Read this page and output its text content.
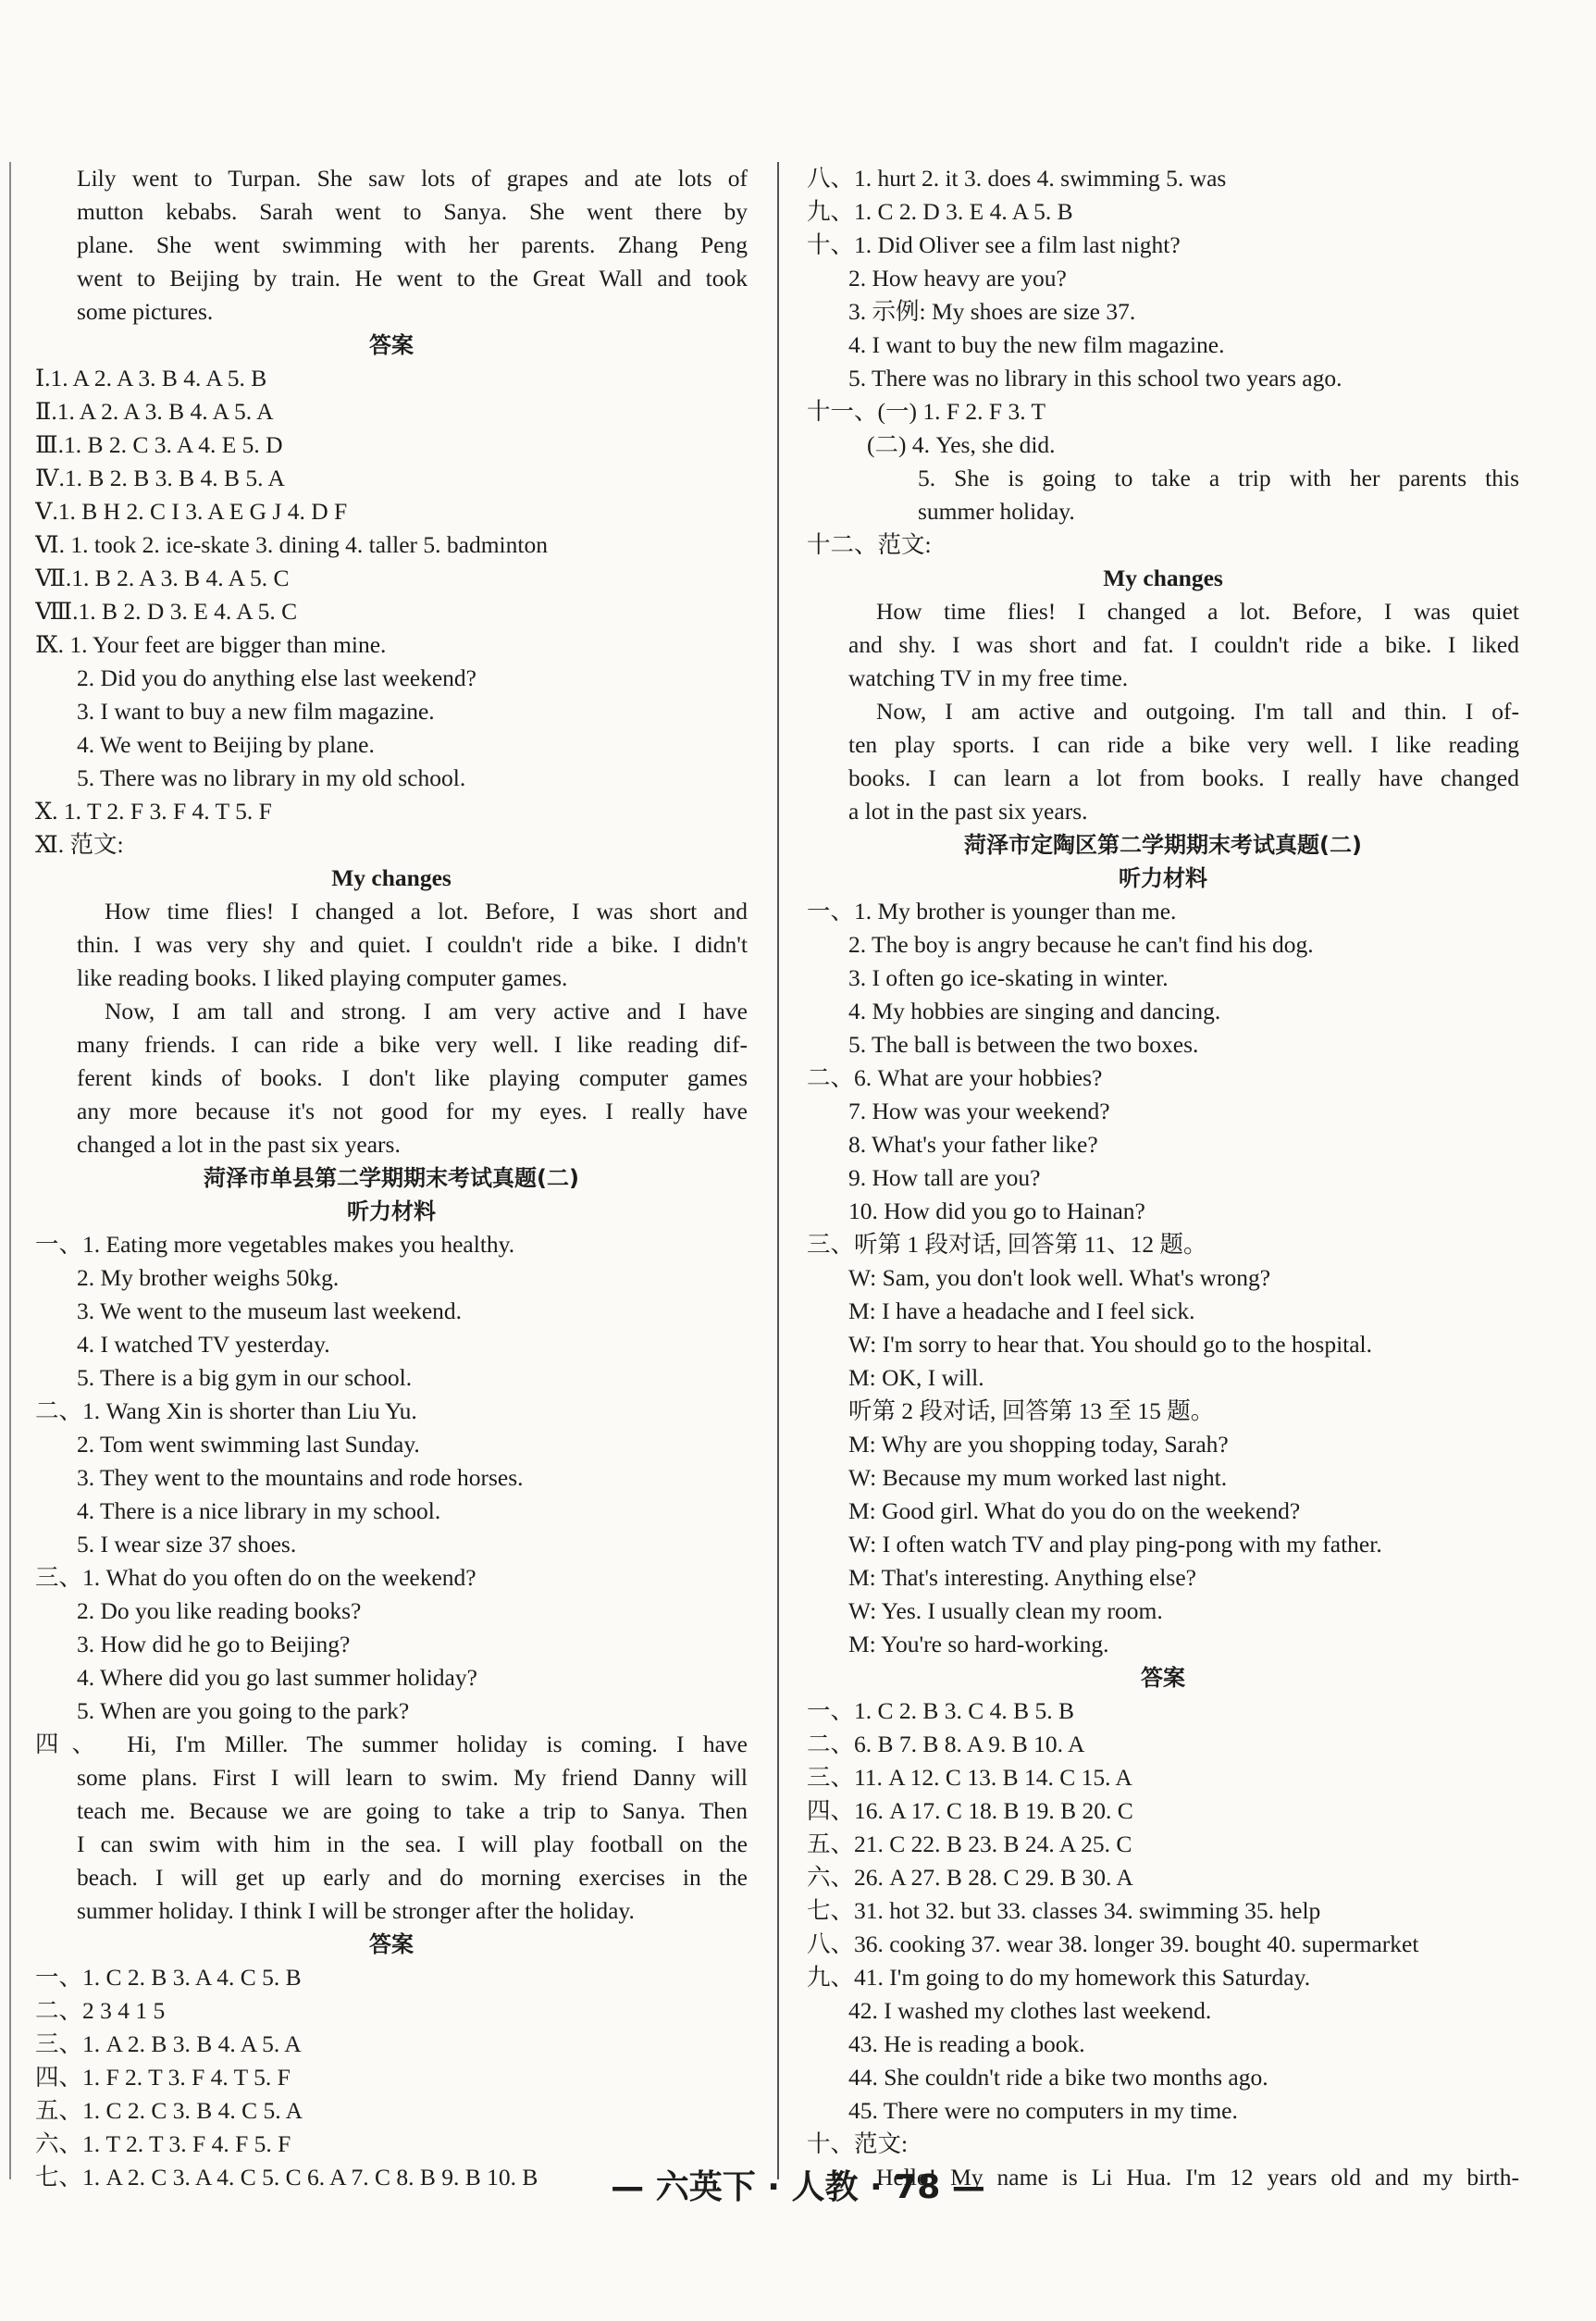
Lily went to Turpan. She saw lots of grapes and ate lots of
mutton kebabs. Sarah went to Sanya. She went there by
plane. She went swimming with her parents. Zhang Peng
went to Beijing by train. He went to the Great Wall and took
some pictures.
答案
Ⅰ.1. A 2. A 3. B 4. A 5. B
Ⅱ.1. A 2. A 3. B 4. A 5. A
Ⅲ.1. B 2. C 3. A 4. E 5. D
Ⅳ.1. B 2. B 3. B 4. B 5. A
Ⅴ.1. B H 2. C I 3. A E G J 4. D F
Ⅵ. 1. took 2. ice-skate 3. dining 4. taller 5. badminton
Ⅶ.1. B 2. A 3. B 4. A 5. C
Ⅷ.1. B 2. D 3. E 4. A 5. C
Ⅸ. 1. Your feet are bigger than mine.
2. Did you do anything else last weekend?
3. I want to buy a new film magazine.
4. We went to Beijing by plane.
5. There was no library in my old school.
Ⅹ. 1. T 2. F 3. F 4. T 5. F
Ⅺ. 范文:
My changes
How time flies! I changed a lot. Before, I was short and
thin. I was very shy and quiet. I couldn't ride a bike. I didn't
like reading books. I liked playing computer games.
Now, I am tall and strong. I am very active and I have
many friends. I can ride a bike very well. I like reading dif-
ferent kinds of books. I don't like playing computer games
any more because it's not good for my eyes. I really have
changed a lot in the past six years.
菏泽市单县第二学期期末考试真题(二)
听力材料
一、1. Eating more vegetables makes you healthy.
2. My brother weighs 50kg.
3. We went to the museum last weekend.
4. I watched TV yesterday.
5. There is a big gym in our school.
二、1. Wang Xin is shorter than Liu Yu.
2. Tom went swimming last Sunday.
3. They went to the mountains and rode horses.
4. There is a nice library in my school.
5. I wear size 37 shoes.
三、1. What do you often do on the weekend?
2. Do you like reading books?
3. How did he go to Beijing?
4. Where did you go last summer holiday?
5. When are you going to the park?
四、 Hi, I'm Miller. The summer holiday is coming. I have
some plans. First I will learn to swim. My friend Danny will
teach me. Because we are going to take a trip to Sanya. Then
I can swim with him in the sea. I will play football on the
beach. I will get up early and do morning exercises in the
summer holiday. I think I will be stronger after the holiday.
答案
一、1. C 2. B 3. A 4. C 5. B
二、2 3 4 1 5
三、1. A 2. B 3. B 4. A 5. A
四、1. F 2. T 3. F 4. T 5. F
五、1. C 2. C 3. B 4. C 5. A
六、1. T 2. T 3. F 4. F 5. F
七、1. A 2. C 3. A 4. C 5. C 6. A 7. C 8. B 9. B 10. B
八、1. hurt 2. it 3. does 4. swimming 5. was
九、1. C 2. D 3. E 4. A 5. B
十、1. Did Oliver see a film last night?
2. How heavy are you?
3. 示例: My shoes are size 37.
4. I want to buy the new film magazine.
5. There was no library in this school two years ago.
十一、(一) 1. F 2. F 3. T
(二) 4. Yes, she did.
5. She is going to take a trip with her parents this
summer holiday.
十二、范文:
My changes
How time flies! I changed a lot. Before, I was quiet
and shy. I was short and fat. I couldn't ride a bike. I liked
watching TV in my free time.
Now, I am active and outgoing. I'm tall and thin. I of-
ten play sports. I can ride a bike very well. I like reading
books. I can learn a lot from books. I really have changed
a lot in the past six years.
菏泽市定陶区第二学期期末考试真题(二)
听力材料
一、1. My brother is younger than me.
2. The boy is angry because he can't find his dog.
3. I often go ice-skating in winter.
4. My hobbies are singing and dancing.
5. The ball is between the two boxes.
二、6. What are your hobbies?
7. How was your weekend?
8. What's your father like?
9. How tall are you?
10. How did you go to Hainan?
三、听第 1 段对话, 回答第 11、12 题。
W: Sam, you don't look well. What's wrong?
M: I have a headache and I feel sick.
W: I'm sorry to hear that. You should go to the hospital.
M: OK, I will.
听第 2 段对话, 回答第 13 至 15 题。
M: Why are you shopping today, Sarah?
W: Because my mum worked last night.
M: Good girl. What do you do on the weekend?
W: I often watch TV and play ping-pong with my father.
M: That's interesting. Anything else?
W: Yes. I usually clean my room.
M: You're so hard-working.
答案
一、1. C 2. B 3. C 4. B 5. B
二、6. B 7. B 8. A 9. B 10. A
三、11. A 12. C 13. B 14. C 15. A
四、16. A 17. C 18. B 19. B 20. C
五、21. C 22. B 23. B 24. A 25. C
六、26. A 27. B 28. C 29. B 30. A
七、31. hot 32. but 33. classes 34. swimming 35. help
八、36. cooking 37. wear 38. longer 39. bought 40. supermarket
九、41. I'm going to do my homework this Saturday.
42. I washed my clothes last weekend.
43. He is reading a book.
44. She couldn't ride a bike two months ago.
45. There were no computers in my time.
十、范文:
Hello! My name is Li Hua. I'm 12 years old and my birth-
— 六英下 · 人教 · 78 —
